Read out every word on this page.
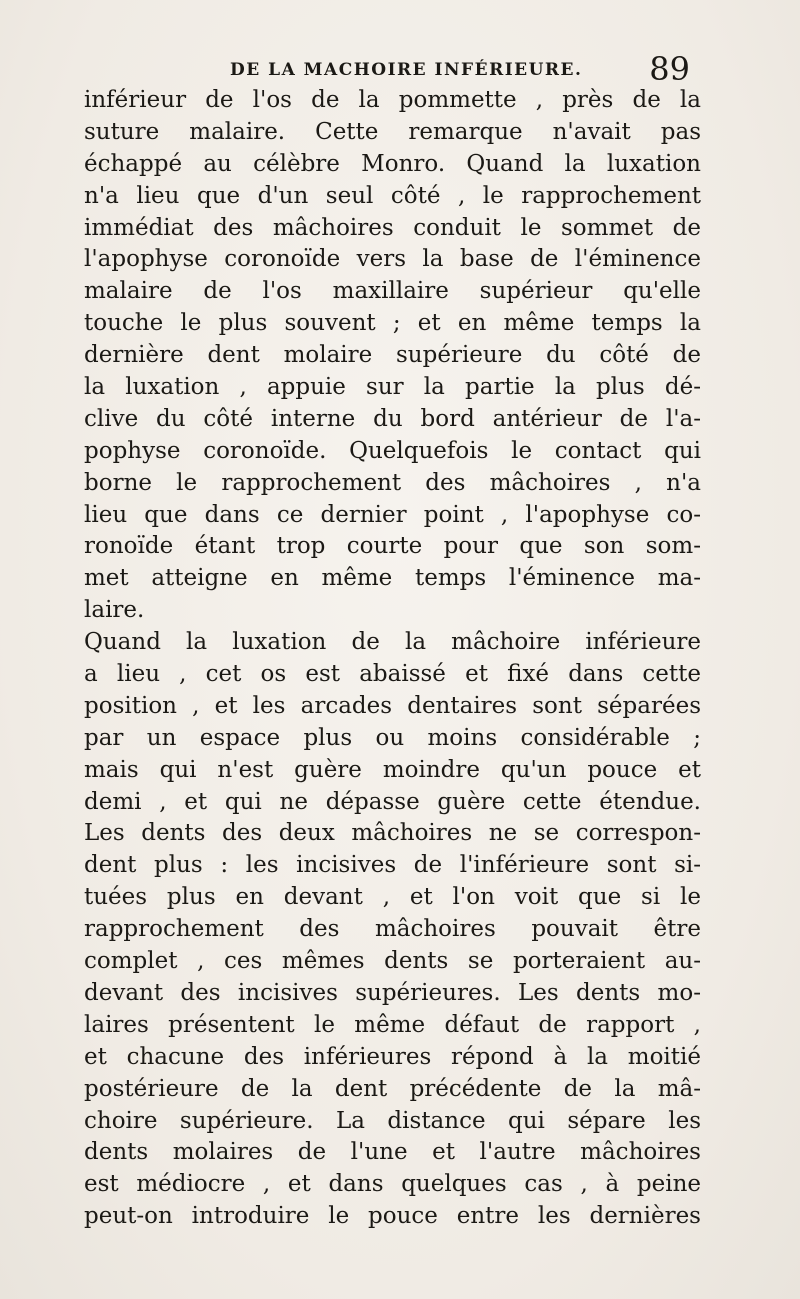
DE LA MACHOIRE INFÉRIEURE. 89
inférieur de l'os de la pommette , près de la
suture malaire. Cette remarque n'avait pas
échappé au célèbre Monro. Quand la luxation
n'a lieu que d'un seul côté , le rapprochement
immédiat des mâchoires conduit le sommet de
l'apophyse coronoïde vers la base de l'éminence
malaire de l'os maxillaire supérieur qu'elle
touche le plus souvent ; et en même temps la
dernière dent molaire supérieure du côté de
la luxation , appuie sur la partie la plus dé-
clive du côté interne du bord antérieur de l'a-
pophyse coronoïde. Quelquefois le contact qui
borne le rapprochement des mâchoires , n'a
lieu que dans ce dernier point , l'apophyse co-
ronoïde étant trop courte pour que son som-
met atteigne en même temps l'éminence ma-
laire.
Quand la luxation de la mâchoire inférieure
a lieu , cet os est abaissé et fixé dans cette
position , et les arcades dentaires sont séparées
par un espace plus ou moins considérable ;
mais qui n'est guère moindre qu'un pouce et
demi , et qui ne dépasse guère cette étendue.
Les dents des deux mâchoires ne se correspon-
dent plus : les incisives de l'inférieure sont si-
tuées plus en devant , et l'on voit que si le
rapprochement des mâchoires pouvait être
complet , ces mêmes dents se porteraient au-
devant des incisives supérieures. Les dents mo-
laires présentent le même défaut de rapport ,
et chacune des inférieures répond à la moitié
postérieure de la dent précédente de la mâ-
choire supérieure. La distance qui sépare les
dents molaires de l'une et l'autre mâchoires
est médiocre , et dans quelques cas , à peine
peut-on introduire le pouce entre les dernières
